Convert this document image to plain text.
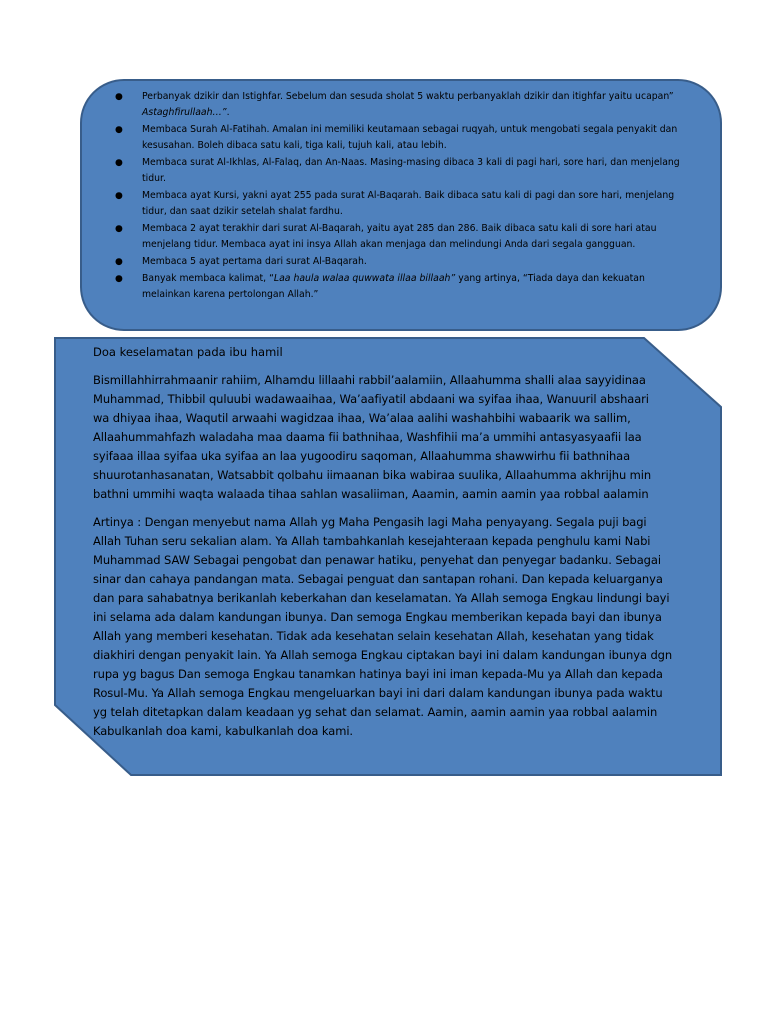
● Perbanyak dzikir dan Istighfar. Sebelum dan sesuda sholat 5 waktu perbanyaklah dzikir dan itighfar yaitu ucapan” Astaghfirullaah…”.
● Membaca Surah Al-Fatihah. Amalan ini memiliki keutamaan sebagai ruqyah, untuk mengobati segala penyakit dan kesusahan. Boleh dibaca satu kali, tiga kali, tujuh kali, atau lebih.
● Membaca surat Al-Ikhlas, Al-Falaq, dan An-Naas. Masing-masing dibaca 3 kali di pagi hari, sore hari, dan menjelang tidur.
● Membaca ayat Kursi, yakni ayat 255 pada surat Al-Baqarah. Baik dibaca satu kali di pagi dan sore hari, menjelang tidur, dan saat dzikir setelah shalat fardhu.
● Membaca 2 ayat terakhir dari surat Al-Baqarah, yaitu ayat 285 dan 286. Baik dibaca satu kali di sore hari atau menjelang tidur. Membaca ayat ini insya Allah akan menjaga dan melindungi Anda dari segala gangguan.
● Membaca 5 ayat pertama dari surat Al-Baqarah.
● Banyak membaca kalimat, “Laa haula walaa quwwata illaa billaah” yang artinya, “Tiada daya dan kekuatan melainkan karena pertolongan Allah.”
Doa keselamatan pada ibu hamil

Bismillahhirrahmaanir rahiim, Alhamdu lillaahi rabbil’aalamiin, Allaahumma shalli alaa sayyidinaa
Muhammad, Thibbil quluubi wadawaaihaa, Wa’aafiyatil abdaani wa syifaa ihaa, Wanuuril abshaari
wa dhiyaa ihaa, Waqutil arwaahi wagidzaa ihaa, Wa’alaa aalihi washahbihi wabaarik wa sallim,
Allaahummahfazh waladaha maa daama fii bathnihaa, Washfihii ma’a ummihi antasyasyaafii laa
syifaaa illaa syifaa uka syifaa an laa yugoodiru saqoman, Allaahumma shawwirhu fii bathnihaa
shuurotanhasanatan, Watsabbit qolbahu iimaanan bika wabiraa suulika, Allaahumma akhrijhu min
bathni ummihi waqta walaada tihaa sahlan wasaliiman, Aaamin, aamin aamin yaa robbal aalamin

Artinya : Dengan menyebut nama Allah yg Maha Pengasih lagi Maha penyayang. Segala puji bagi
Allah Tuhan seru sekalian alam. Ya Allah tambahkanlah kesejahteraan kepada penghulu kami Nabi
Muhammad SAW Sebagai pengobat dan penawar hatiku, penyehat dan penyegar badanku. Sebagai
sinar dan cahaya pandangan mata. Sebagai penguat dan santapan rohani. Dan kepada keluarganya
dan para sahabatnya berikanlah keberkahan dan keselamatan. Ya Allah semoga Engkau lindungi bayi
ini selama ada dalam kandungan ibunya. Dan semoga Engkau memberikan kepada bayi dan ibunya
Allah yang memberi kesehatan. Tidak ada kesehatan selain kesehatan Allah, kesehatan yang tidak
diakhiri dengan penyakit lain. Ya Allah semoga Engkau ciptakan bayi ini dalam kandungan ibunya dgn
rupa yg bagus Dan semoga Engkau tanamkan hatinya bayi ini iman kepada-Mu ya Allah dan kepada
Rosul-Mu. Ya Allah semoga Engkau mengeluarkan bayi ini dari dalam kandungan ibunya pada waktu
yg telah ditetapkan dalam keadaan yg sehat dan selamat. Aamin, aamin aamin yaa robbal aalamin
Kabulkanlah doa kami, kabulkanlah doa kami.
